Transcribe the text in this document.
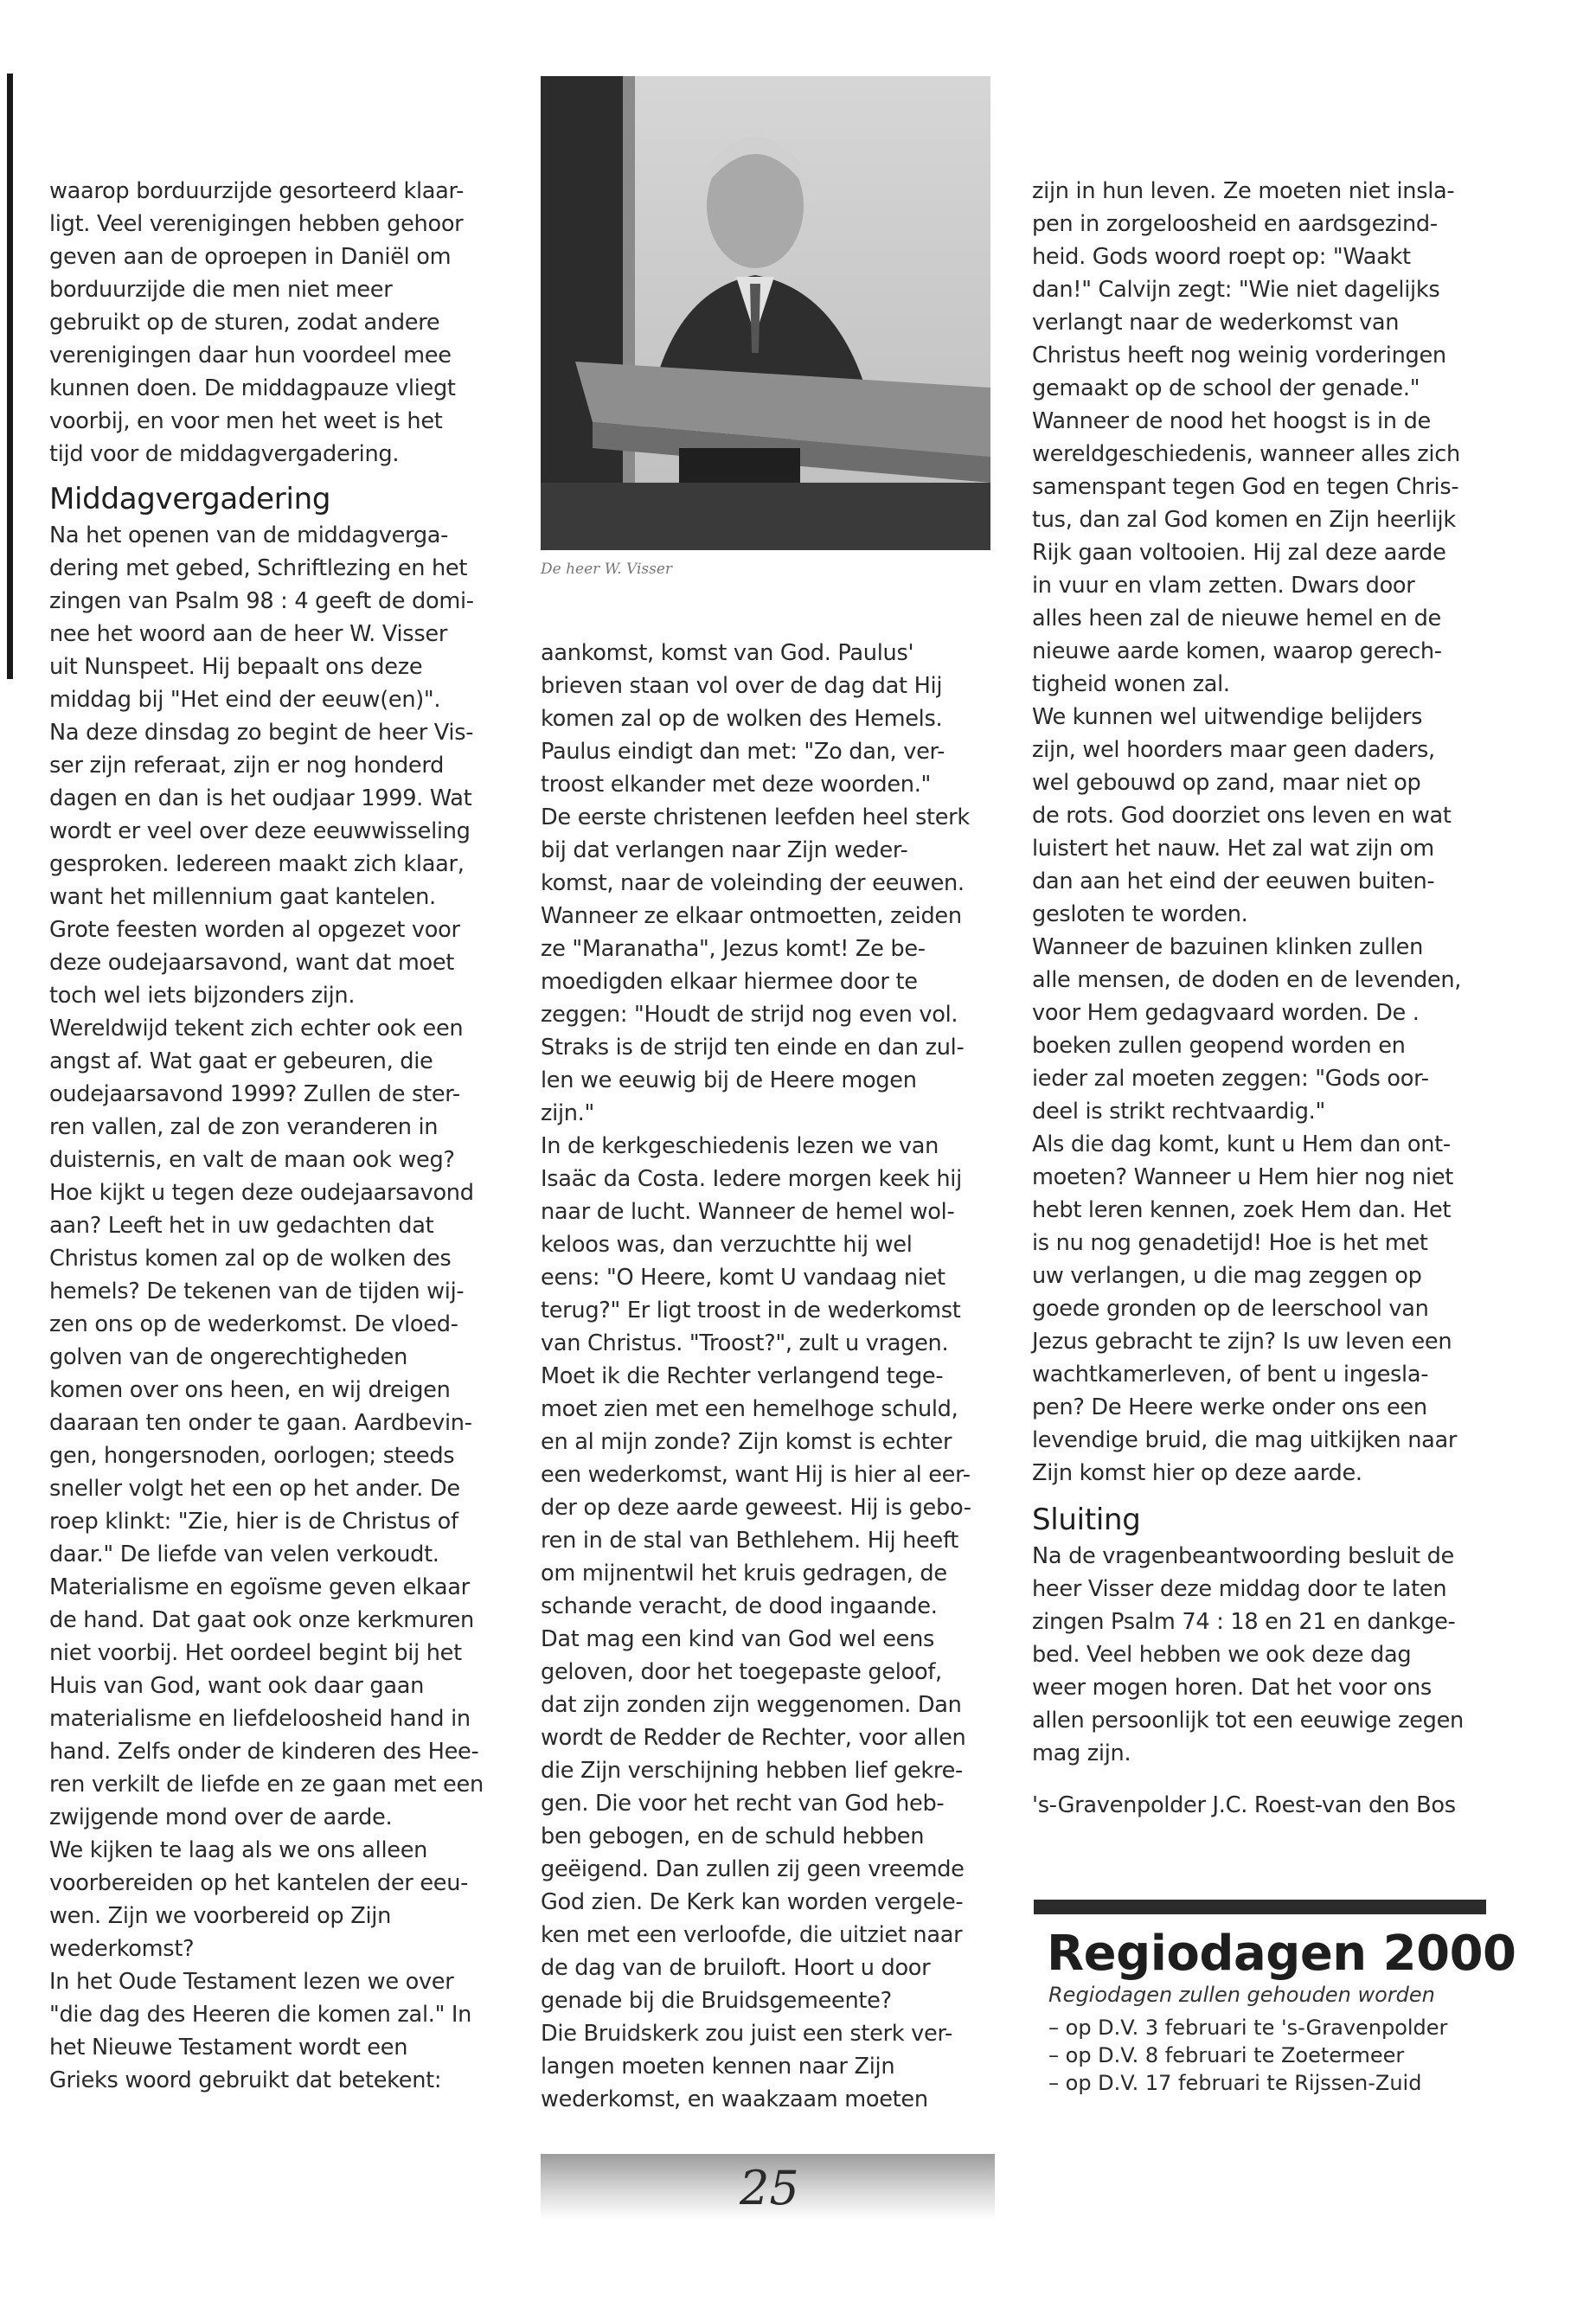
waarop borduurzijde gesorteerd klaar-
ligt. Veel verenigingen hebben gehoor
geven aan de oproepen in Daniël om
borduurzijde die men niet meer
gebruikt op de sturen, zodat andere
verenigingen daar hun voordeel mee
kunnen doen. De middagpauze vliegt
voorbij, en voor men het weet is het
tijd voor de middagvergadering.

Middagvergadering

Na het openen van de middagverga-
dering met gebed, Schriftlezing en het
zingen van Psalm 98 : 4 geeft de domi-
nee het woord aan de heer W. Visser
uit Nunspeet. Hij bepaalt ons deze
middag bij "Het eind der eeuw(en)".
Na deze dinsdag zo begint de heer Vis-
ser zijn referaat, zijn er nog honderd
dagen en dan is het oudjaar 1999. Wat
wordt er veel over deze eeuwwisseling
gesproken. Iedereen maakt zich klaar,
want het millennium gaat kantelen.
Grote feesten worden al opgezet voor
deze oudejaarsavond, want dat moet
toch wel iets bijzonders zijn.
Wereldwijd tekent zich echter ook een
angst af. Wat gaat er gebeuren, die
oudejaarsavond 1999? Zullen de ster-
ren vallen, zal de zon veranderen in
duisternis, en valt de maan ook weg?
Hoe kijkt u tegen deze oudejaarsavond
aan? Leeft het in uw gedachten dat
Christus komen zal op de wolken des
hemels? De tekenen van de tijden wij-
zen ons op de wederkomst. De vloed-
golven van de ongerechtigheden
komen over ons heen, en wij dreigen
daaraan ten onder te gaan. Aardbevin-
gen, hongersnoden, oorlogen; steeds
sneller volgt het een op het ander. De
roep klinkt: "Zie, hier is de Christus of
daar." De liefde van velen verkoudt.
Materialisme en egoïsme geven elkaar
de hand. Dat gaat ook onze kerkmuren
niet voorbij. Het oordeel begint bij het
Huis van God, want ook daar gaan
materialisme en liefdeloosheid hand in
hand. Zelfs onder de kinderen des Hee-
ren verkilt de liefde en ze gaan met een
zwijgende mond over de aarde.
We kijken te laag als we ons alleen
voorbereiden op het kantelen der eeu-
wen. Zijn we voorbereid op Zijn
wederkomst?
In het Oude Testament lezen we over
"die dag des Heeren die komen zal." In
het Nieuwe Testament wordt een
Grieks woord gebruikt dat betekent:

De heer W. Visser

aankomst, komst van God. Paulus'
brieven staan vol over de dag dat Hij
komen zal op de wolken des Hemels.
Paulus eindigt dan met: "Zo dan, ver-
troost elkander met deze woorden."
De eerste christenen leefden heel sterk
bij dat verlangen naar Zijn weder-
komst, naar de voleinding der eeuwen.
Wanneer ze elkaar ontmoetten, zeiden
ze "Maranatha", Jezus komt! Ze be-
moedigden elkaar hiermee door te
zeggen: "Houdt de strijd nog even vol.
Straks is de strijd ten einde en dan zul-
len we eeuwig bij de Heere mogen
zijn."

In de kerkgeschiedenis lezen we van
Isaäc da Costa. Iedere morgen keek hij
naar de lucht. Wanneer de hemel wol-
keloos was, dan verzuchtte hij wel
eens: "O Heere, komt U vandaag niet
terug?" Er ligt troost in de wederkomst
van Christus. "Troost?", zult u vragen.
Moet ik die Rechter verlangend tege-
moet zien met een hemelhoge schuld,
en al mijn zonde? Zijn komst is echter
een wederkomst, want Hij is hier al eer-
der op deze aarde geweest. Hij is gebo-
ren in de stal van Bethlehem. Hij heeft
om mijnentwil het kruis gedragen, de
schande veracht, de dood ingaande.
Dat mag een kind van God wel eens
geloven, door het toegepaste geloof,
dat zijn zonden zijn weggenomen. Dan
wordt de Redder de Rechter, voor allen
die Zijn verschijning hebben lief gekre-
gen. Die voor het recht van God heb-
ben gebogen, en de schuld hebben
geëigend. Dan zullen zij geen vreemde
God zien. De Kerk kan worden vergele-
ken met een verloofde, die uitziet naar
de dag van de bruiloft. Hoort u door
genade bij die Bruidsgemeente?

Die Bruidskerk zou juist een sterk ver-
langen moeten kennen naar Zijn
wederkomst, en waakzaam moeten

zijn in hun leven. Ze moeten niet insla-
pen in zorgeloosheid en aardsgezind-
heid. Gods woord roept op: "Waakt
dan!" Calvijn zegt: "Wie niet dagelijks
verlangt naar de wederkomst van
Christus heeft nog weinig vorderingen
gemaakt op de school der genade."
Wanneer de nood het hoogst is in de
wereldgeschiedenis, wanneer alles zich
samenspant tegen God en tegen Chris-
tus, dan zal God komen en Zijn heerlijk
Rijk gaan voltooien. Hij zal deze aarde
in vuur en vlam zetten. Dwars door
alles heen zal de nieuwe hemel en de
nieuwe aarde komen, waarop gerech-
tigheid wonen zal.

We kunnen wel uitwendige belijders
zijn, wel hoorders maar geen daders,
wel gebouwd op zand, maar niet op
de rots. God doorziet ons leven en wat
luistert het nauw. Het zal wat zijn om
dan aan het eind der eeuwen buiten-
gesloten te worden.

Wanneer de bazuinen klinken zullen
alle mensen, de doden en de levenden,
voor Hem gedagvaard worden. De .
boeken zullen geopend worden en
ieder zal moeten zeggen: "Gods oor-
deel is strikt rechtvaardig."

Als die dag komt, kunt u Hem dan ont-
moeten? Wanneer u Hem hier nog niet
hebt leren kennen, zoek Hem dan. Het
is nu nog genadetijd! Hoe is het met
uw verlangen, u die mag zeggen op
goede gronden op de leerschool van
Jezus gebracht te zijn? Is uw leven een
wachtkamerleven, of bent u ingesla-
pen? De Heere werke onder ons een
levendige bruid, die mag uitkijken naar
Zijn komst hier op deze aarde.

Sluiting

Na de vragenbeantwoording besluit de
heer Visser deze middag door te laten
zingen Psalm 74 : 18 en 21 en dankge-
bed. Veel hebben we ook deze dag
weer mogen horen. Dat het voor ons
allen persoonlijk tot een eeuwige zegen
mag zijn.

's-Gravenpolder J.C. Roest-van den Bos

Regiodagen 2000
Regiodagen zullen gehouden worden
– op D.V. 3 februari te 's-Gravenpolder
– op D.V. 8 februari te Zoetermeer
– op D.V. 17 februari te Rijssen-Zuid
25
